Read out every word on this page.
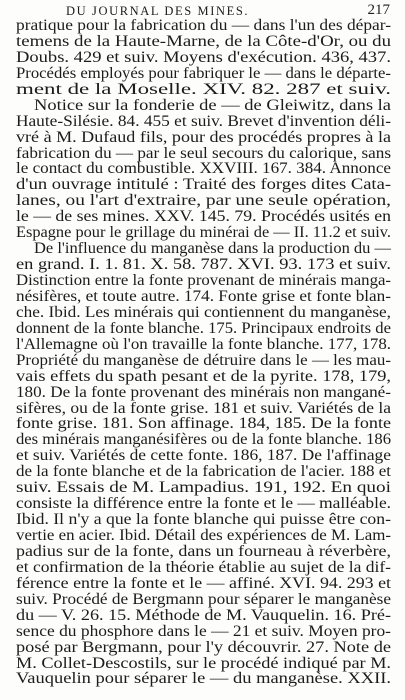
DU JOURNAL DES MINES.	217
pratique pour la fabrication du — dans l'un des dépar-
temens de la Haute-Marne, de la Côte-d'Or, ou du
Doubs. 429 et suiv. Moyens d'exécution. 436, 437.
Procédés employés pour fabriquer le — dans le départe-
ment de la Moselle. XIV. 82. 287 et suiv.
Notice sur la fonderie de — de Gleiwitz, dans la
Haute-Silésie. 84. 455 et suiv. Brevet d'invention déli-
vré à M. Dufaud fils, pour des procédés propres à la
fabrication du — par le seul secours du calorique, sans
le contact du combustible. XXVIII. 167. 384. Annonce
d'un ouvrage intitulé : Traité des forges dites Cata-
lanes, ou l'art d'extraire, par une seule opération,
le — de ses mines. XXV. 145. 79. Procédés usités en
Espagne pour le grillage du minérai de — II. 11.2 et suiv.
De l'influence du manganèse dans la production du —
en grand. I. 1. 81. X. 58. 787. XVI. 93. 173 et suiv.
Distinction entre la fonte provenant de minérais manga-
nésifères, et toute autre. 174. Fonte grise et fonte blan-
che. Ibid. Les minérais qui contiennent du manganèse,
donnent de la fonte blanche. 175. Principaux endroits de
l'Allemagne où l'on travaille la fonte blanche. 177, 178.
Propriété du manganèse de détruire dans le — les mau-
vais effets du spath pesant et de la pyrite. 178, 179,
180. De la fonte provenant des minérais non mangané-
sifères, ou de la fonte grise. 181 et suiv. Variétés de la
fonte grise. 181. Son affinage. 184, 185. De la fonte
des minérais manganésifères ou de la fonte blanche. 186
et suiv. Variétés de cette fonte. 186, 187. De l'affinage
de la fonte blanche et de la fabrication de l'acier. 188 et
suiv. Essais de M. Lampadius. 191, 192. En quoi
consiste la différence entre la fonte et le — malléable.
Ibid. Il n'y a que la fonte blanche qui puisse être con-
vertie en acier. Ibid. Détail des expériences de M. Lam-
padius sur de la fonte, dans un fourneau à réverbère,
et confirmation de la théorie établie au sujet de la dif-
férence entre la fonte et le — affiné. XVI. 94. 293 et
suiv. Procédé de Bergmann pour séparer le manganèse
du — V. 26. 15. Méthode de M. Vauquelin. 16. Pré-
sence du phosphore dans le — 21 et suiv. Moyen pro-
posé par Bergmann, pour l'y découvrir. 27. Note de
M. Collet-Descostils, sur le procédé indiqué par M.
Vauquelin pour séparer le — du manganèse. XXII.
